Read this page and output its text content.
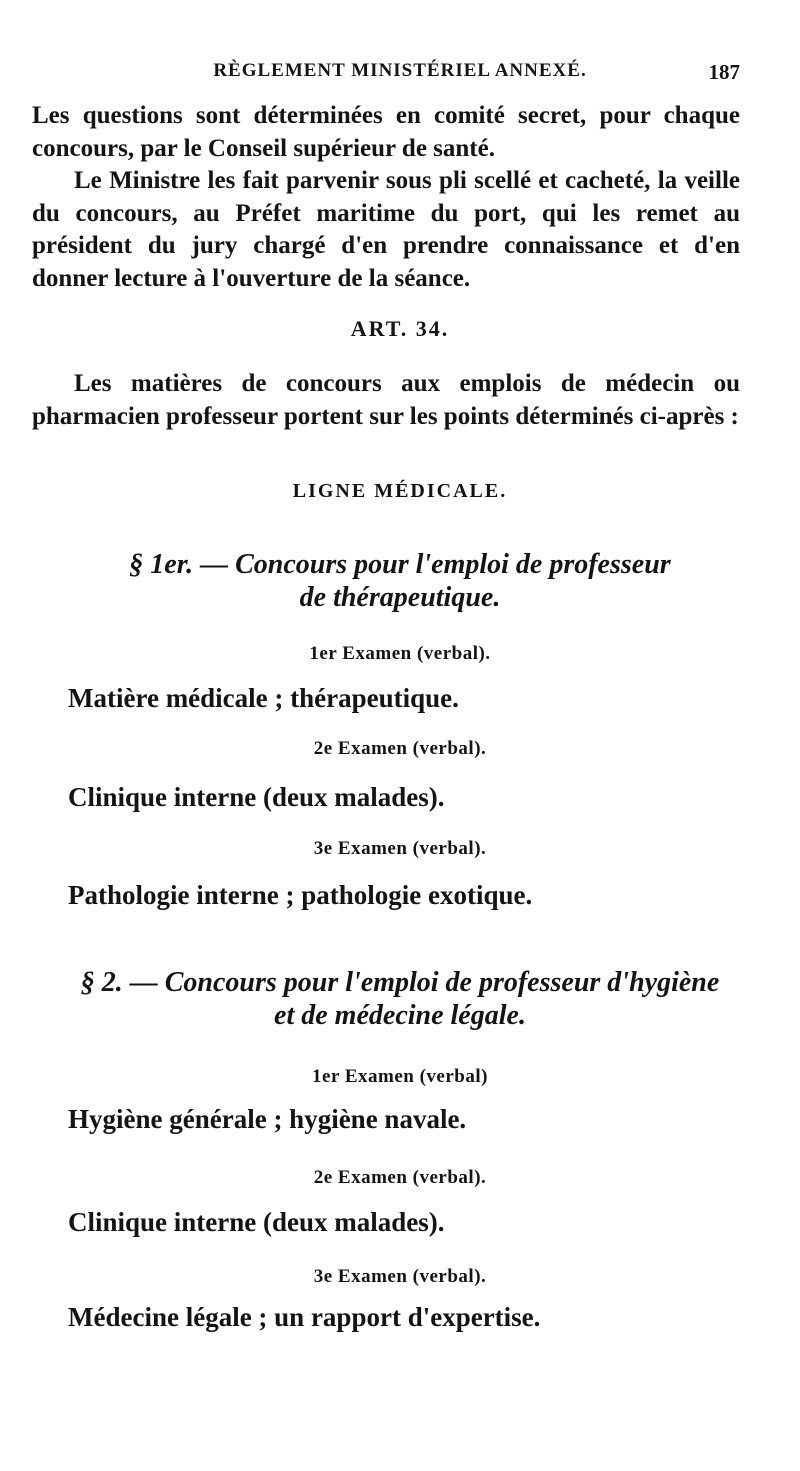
RÈGLEMENT MINISTÉRIEL ANNEXÉ.	187

Les questions sont déterminées en comité secret, pour chaque concours, par le Conseil supérieur de santé.

Le Ministre les fait parvenir sous pli scellé et cacheté, la veille du concours, au Préfet maritime du port, qui les remet au président du jury chargé d'en prendre connaissance et d'en donner lecture à l'ouverture de la séance.

ART. 34.

Les matières de concours aux emplois de médecin ou pharmacien professeur portent sur les points déterminés ci-après :

LIGNE MÉDICALE.
§ 1er. — Concours pour l'emploi de professeur
de thérapeutique.
1er Examen (verbal).
Matière médicale ; thérapeutique.
2e Examen (verbal).
Clinique interne (deux malades).
3e Examen (verbal).
Pathologie interne ; pathologie exotique.
§ 2. — Concours pour l'emploi de professeur d'hygiène
et de médecine légale.
1er Examen (verbal)
Hygiène générale ; hygiène navale.
2e Examen (verbal).
Clinique interne (deux malades).
3e Examen (verbal).
Médecine légale ; un rapport d'expertise.
